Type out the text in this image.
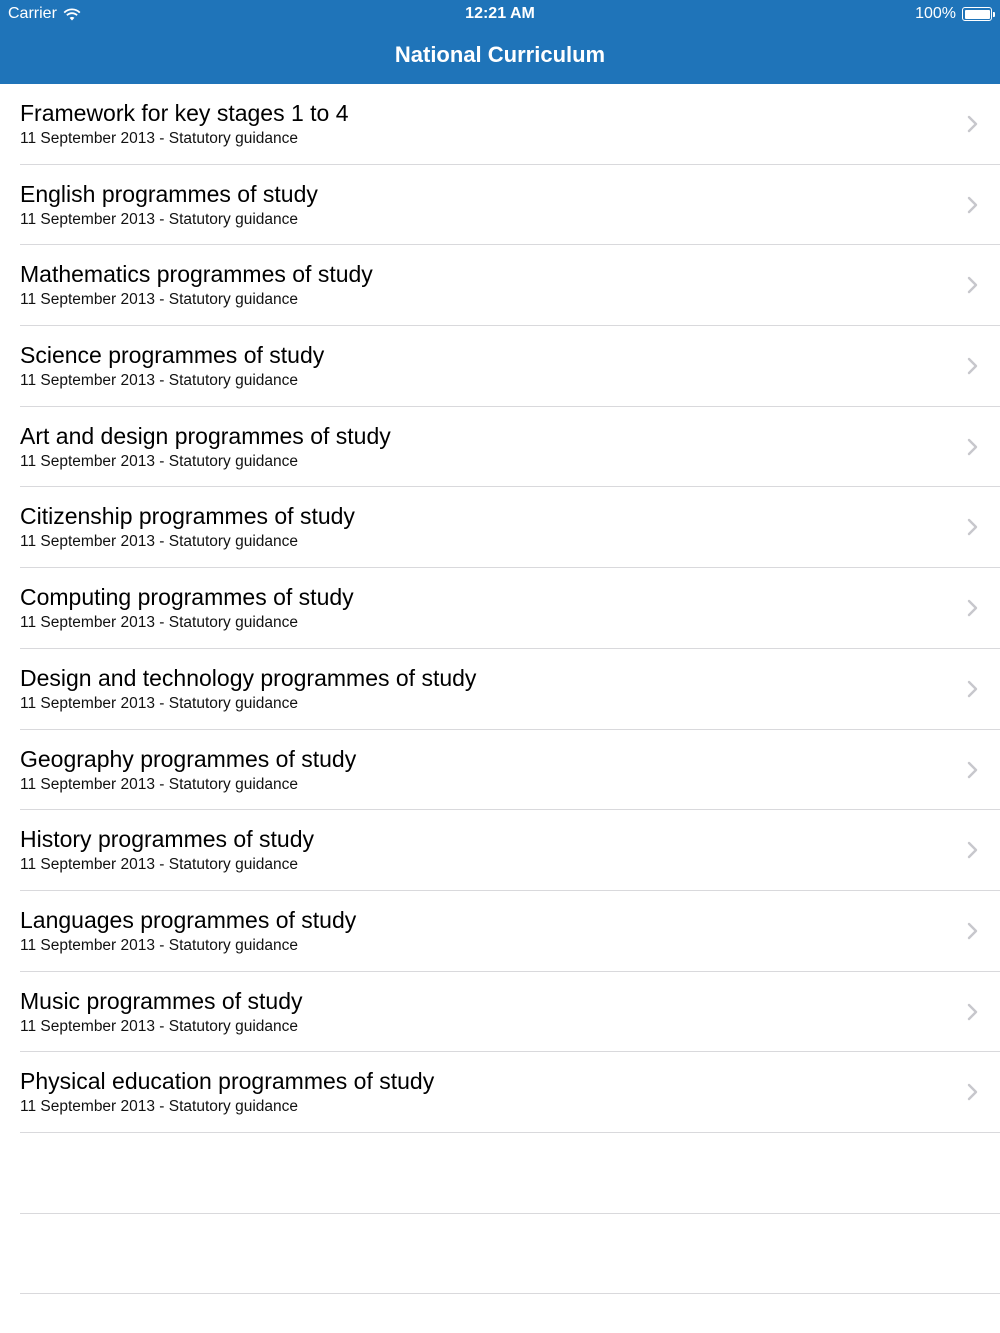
Carrier	12:21 AM	100%
National Curriculum
Framework for key stages 1 to 4
11 September 2013 - Statutory guidance
English programmes of study
11 September 2013 - Statutory guidance
Mathematics programmes of study
11 September 2013 - Statutory guidance
Science programmes of study
11 September 2013 - Statutory guidance
Art and design programmes of study
11 September 2013 - Statutory guidance
Citizenship programmes of study
11 September 2013 - Statutory guidance
Computing programmes of study
11 September 2013 - Statutory guidance
Design and technology programmes of study
11 September 2013 - Statutory guidance
Geography programmes of study
11 September 2013 - Statutory guidance
History programmes of study
11 September 2013 - Statutory guidance
Languages programmes of study
11 September 2013 - Statutory guidance
Music programmes of study
11 September 2013 - Statutory guidance
Physical education programmes of study
11 September 2013 - Statutory guidance
